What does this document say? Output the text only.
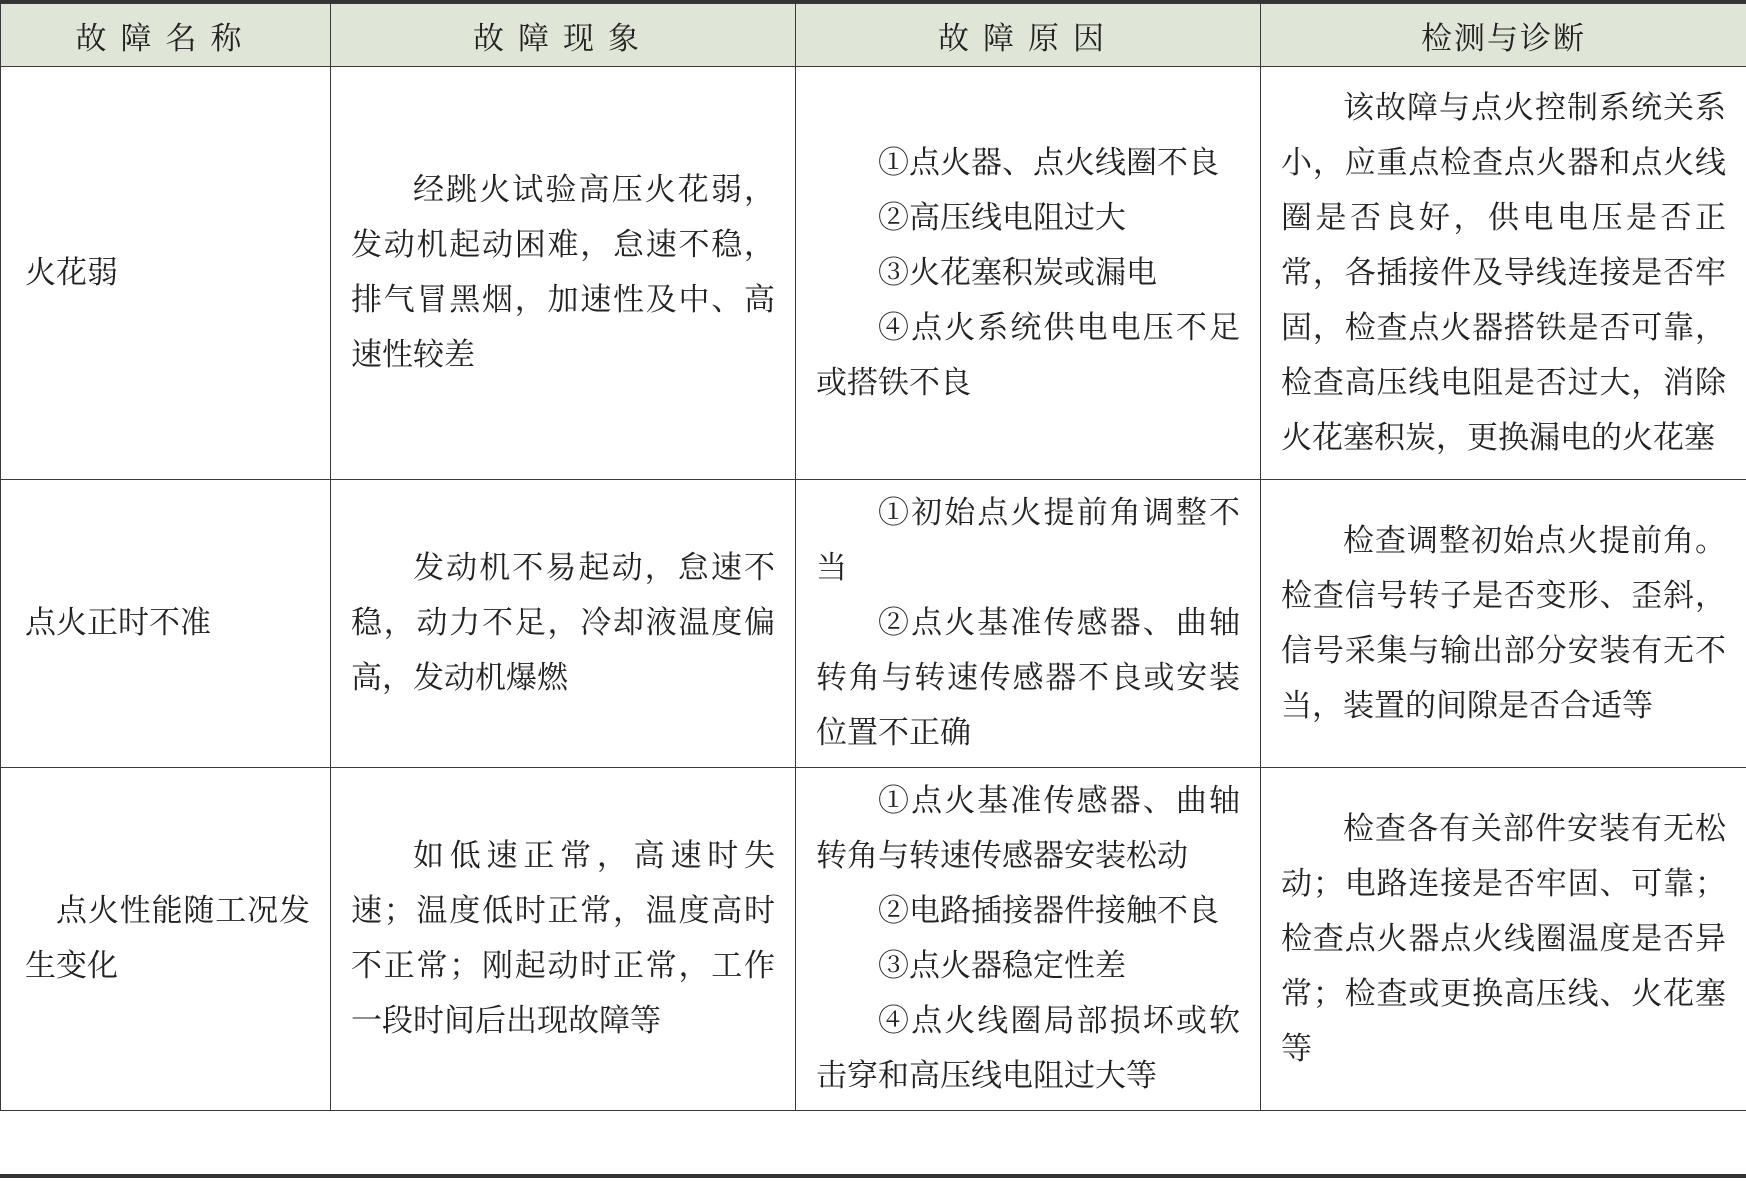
故障名称	故障现象	故障原因	检测与诊断
火花弱	经跳火试验高压火花弱，发动机起动困难，怠速不稳，排气冒黑烟，加速性及中、高速性较差	①点火器、点火线圈不良
②高压线电阻过大
③火花塞积炭或漏电
④点火系统供电电压不足或搭铁不良	该故障与点火控制系统关系小，应重点检查点火器和点火线圈是否良好，供电电压是否正常，各插接件及导线连接是否牢固，检查点火器搭铁是否可靠，检查高压线电阻是否过大，消除火花塞积炭，更换漏电的火花塞

点火正时不准	发动机不易起动，怠速不稳，动力不足，冷却液温度偏高，发动机爆燃	①初始点火提前角调整不当
②点火基准传感器、曲轴转角与转速传感器不良或安装位置不正确	检查调整初始点火提前角。检查信号转子是否变形、歪斜，信号采集与输出部分安装有无不当，装置的间隙是否合适等

点火性能随工况发生变化	如低速正常，高速时失速；温度低时正常，温度高时不正常；刚起动时正常，工作一段时间后出现故障等	①点火基准传感器、曲轴转角与转速传感器安装松动
②电路插接器件接触不良
③点火器稳定性差
④点火线圈局部损坏或软击穿和高压线电阻过大等	检查各有关部件安装有无松动；电路连接是否牢固、可靠；检查点火器点火线圈温度是否异常；检查或更换高压线、火花塞等
